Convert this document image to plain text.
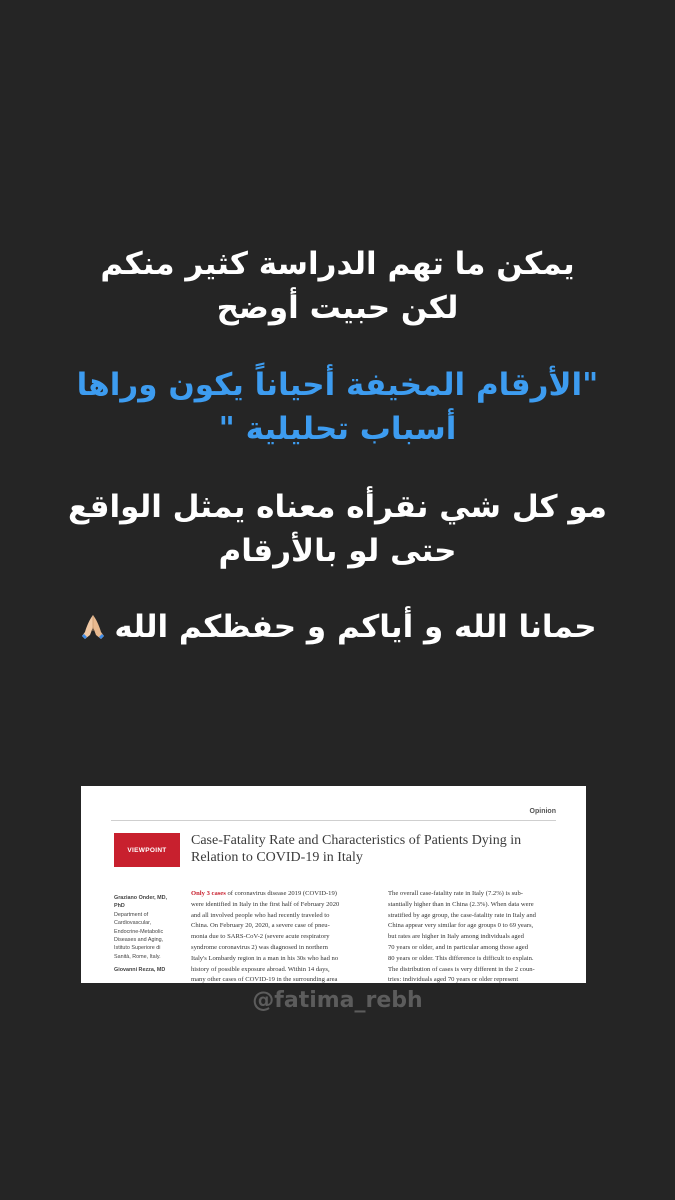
يمكن ما تهم الدراسة كثير منكم
لكن حبيت أوضح
"الأرقام المخيفة أحياناً يكون وراها
أسباب تحليلية "
مو كل شي نقرأه معناه يمثل الواقع
حتى لو بالأرقام
حمانا الله و أياكم و حفظكم الله
Opinion
VIEWPOINT
Case-Fatality Rate and Characteristics of Patients Dying in
Relation to COVID-19 in Italy
Graziano Onder, MD,
PhD
Department of
Cardiovascular,
Endocrine-Metabolic
Diseases and Aging,
Istituto Superiore di
Sanità, Rome, Italy.
Giovanni Rezza, MD
Only 3 cases of coronavirus disease 2019 (COVID-19)
were identified in Italy in the first half of February 2020
and all involved people who had recently traveled to
China. On February 20, 2020, a severe case of pneu-
monia due to SARS-CoV-2 (severe acute respiratory
syndrome coronavirus 2) was diagnosed in northern
Italy's Lombardy region in a man in his 30s who had no
history of possible exposure abroad. Within 14 days,
many other cases of COVID-19 in the surrounding area
The overall case-fatality rate in Italy (7.2%) is sub-
stantially higher than in China (2.3%). When data were
stratified by age group, the case-fatality rate in Italy and
China appear very similar for age groups 0 to 69 years,
but rates are higher in Italy among individuals aged
70 years or older, and in particular among those aged
80 years or older. This difference is difficult to explain.
The distribution of cases is very different in the 2 coun-
tries: individuals aged 70 years or older represent
@fatima_rebh
